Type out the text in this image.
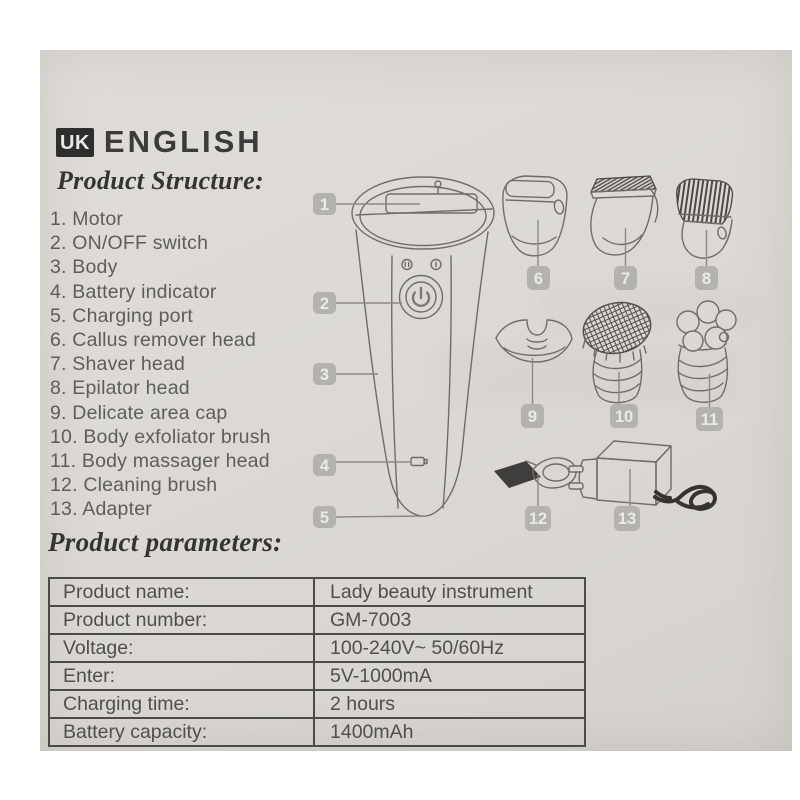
UK ENGLISH
Product Structure:
1. Motor
2. ON/OFF switch
3. Body
4. Battery indicator
5. Charging port
6. Callus remover head
7. Shaver head
8. Epilator head
9. Delicate area cap
10. Body exfoliator brush
11. Body massager head
12. Cleaning brush
13. Adapter
1
2
3
4
5
6	7	8
9	10	11
12	13
Product parameters:
Product name:	Lady beauty instrument
Product number:	GM-7003
Voltage:	100-240V~ 50/60Hz
Enter:	5V-1000mA
Charging time:	2 hours
Battery capacity:	1400mAh
